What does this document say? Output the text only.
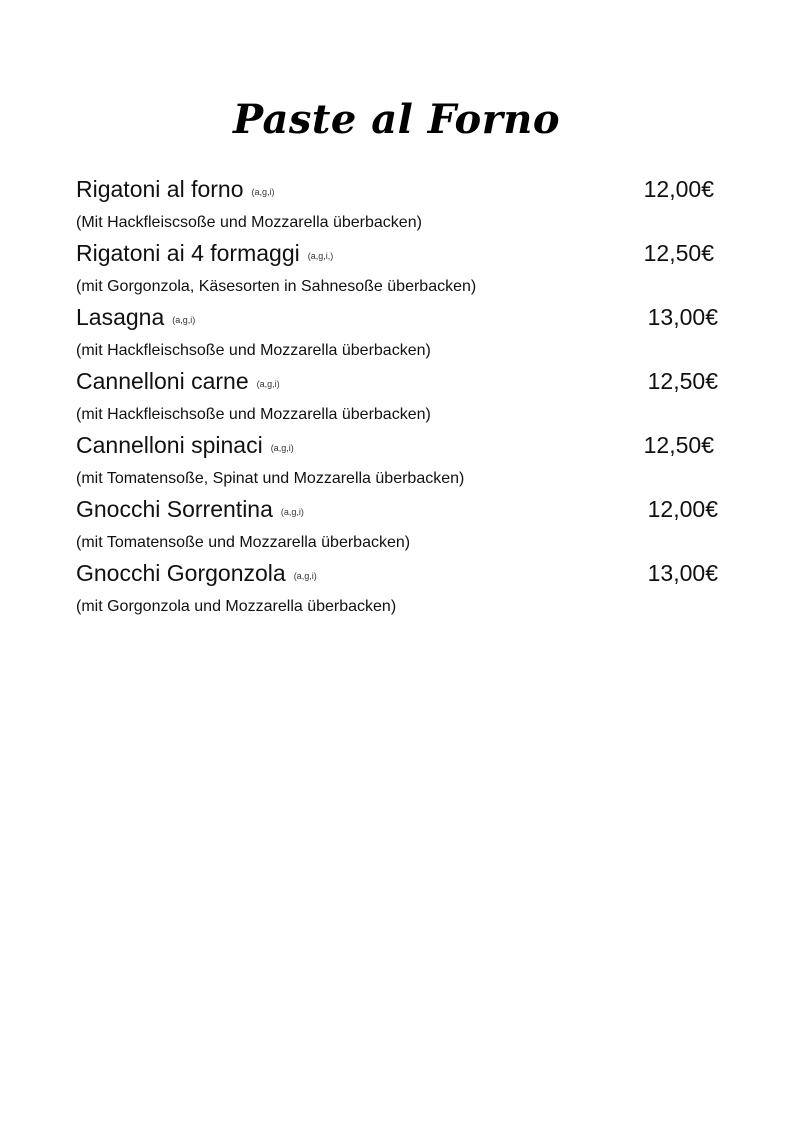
Paste al Forno
Rigatoni al forno (a,g,i)	12,00€
(Mit Hackfleiscsoße und Mozzarella überbacken)
Rigatoni ai 4 formaggi (a,g,i,)	12,50€
(mit Gorgonzola, Käsesorten in Sahnesoße überbacken)
Lasagna (a,g,i)	13,00€
(mit Hackfleischsoße und Mozzarella überbacken)
Cannelloni carne (a,g,i)	12,50€
(mit Hackfleischsoße und Mozzarella überbacken)
Cannelloni spinaci (a,g,i)	12,50€
(mit Tomatensoße, Spinat und Mozzarella überbacken)
Gnocchi Sorrentina (a,g,i)	12,00€
(mit Tomatensoße und Mozzarella überbacken)
Gnocchi Gorgonzola (a,g,i)	13,00€
(mit Gorgonzola und Mozzarella überbacken)
